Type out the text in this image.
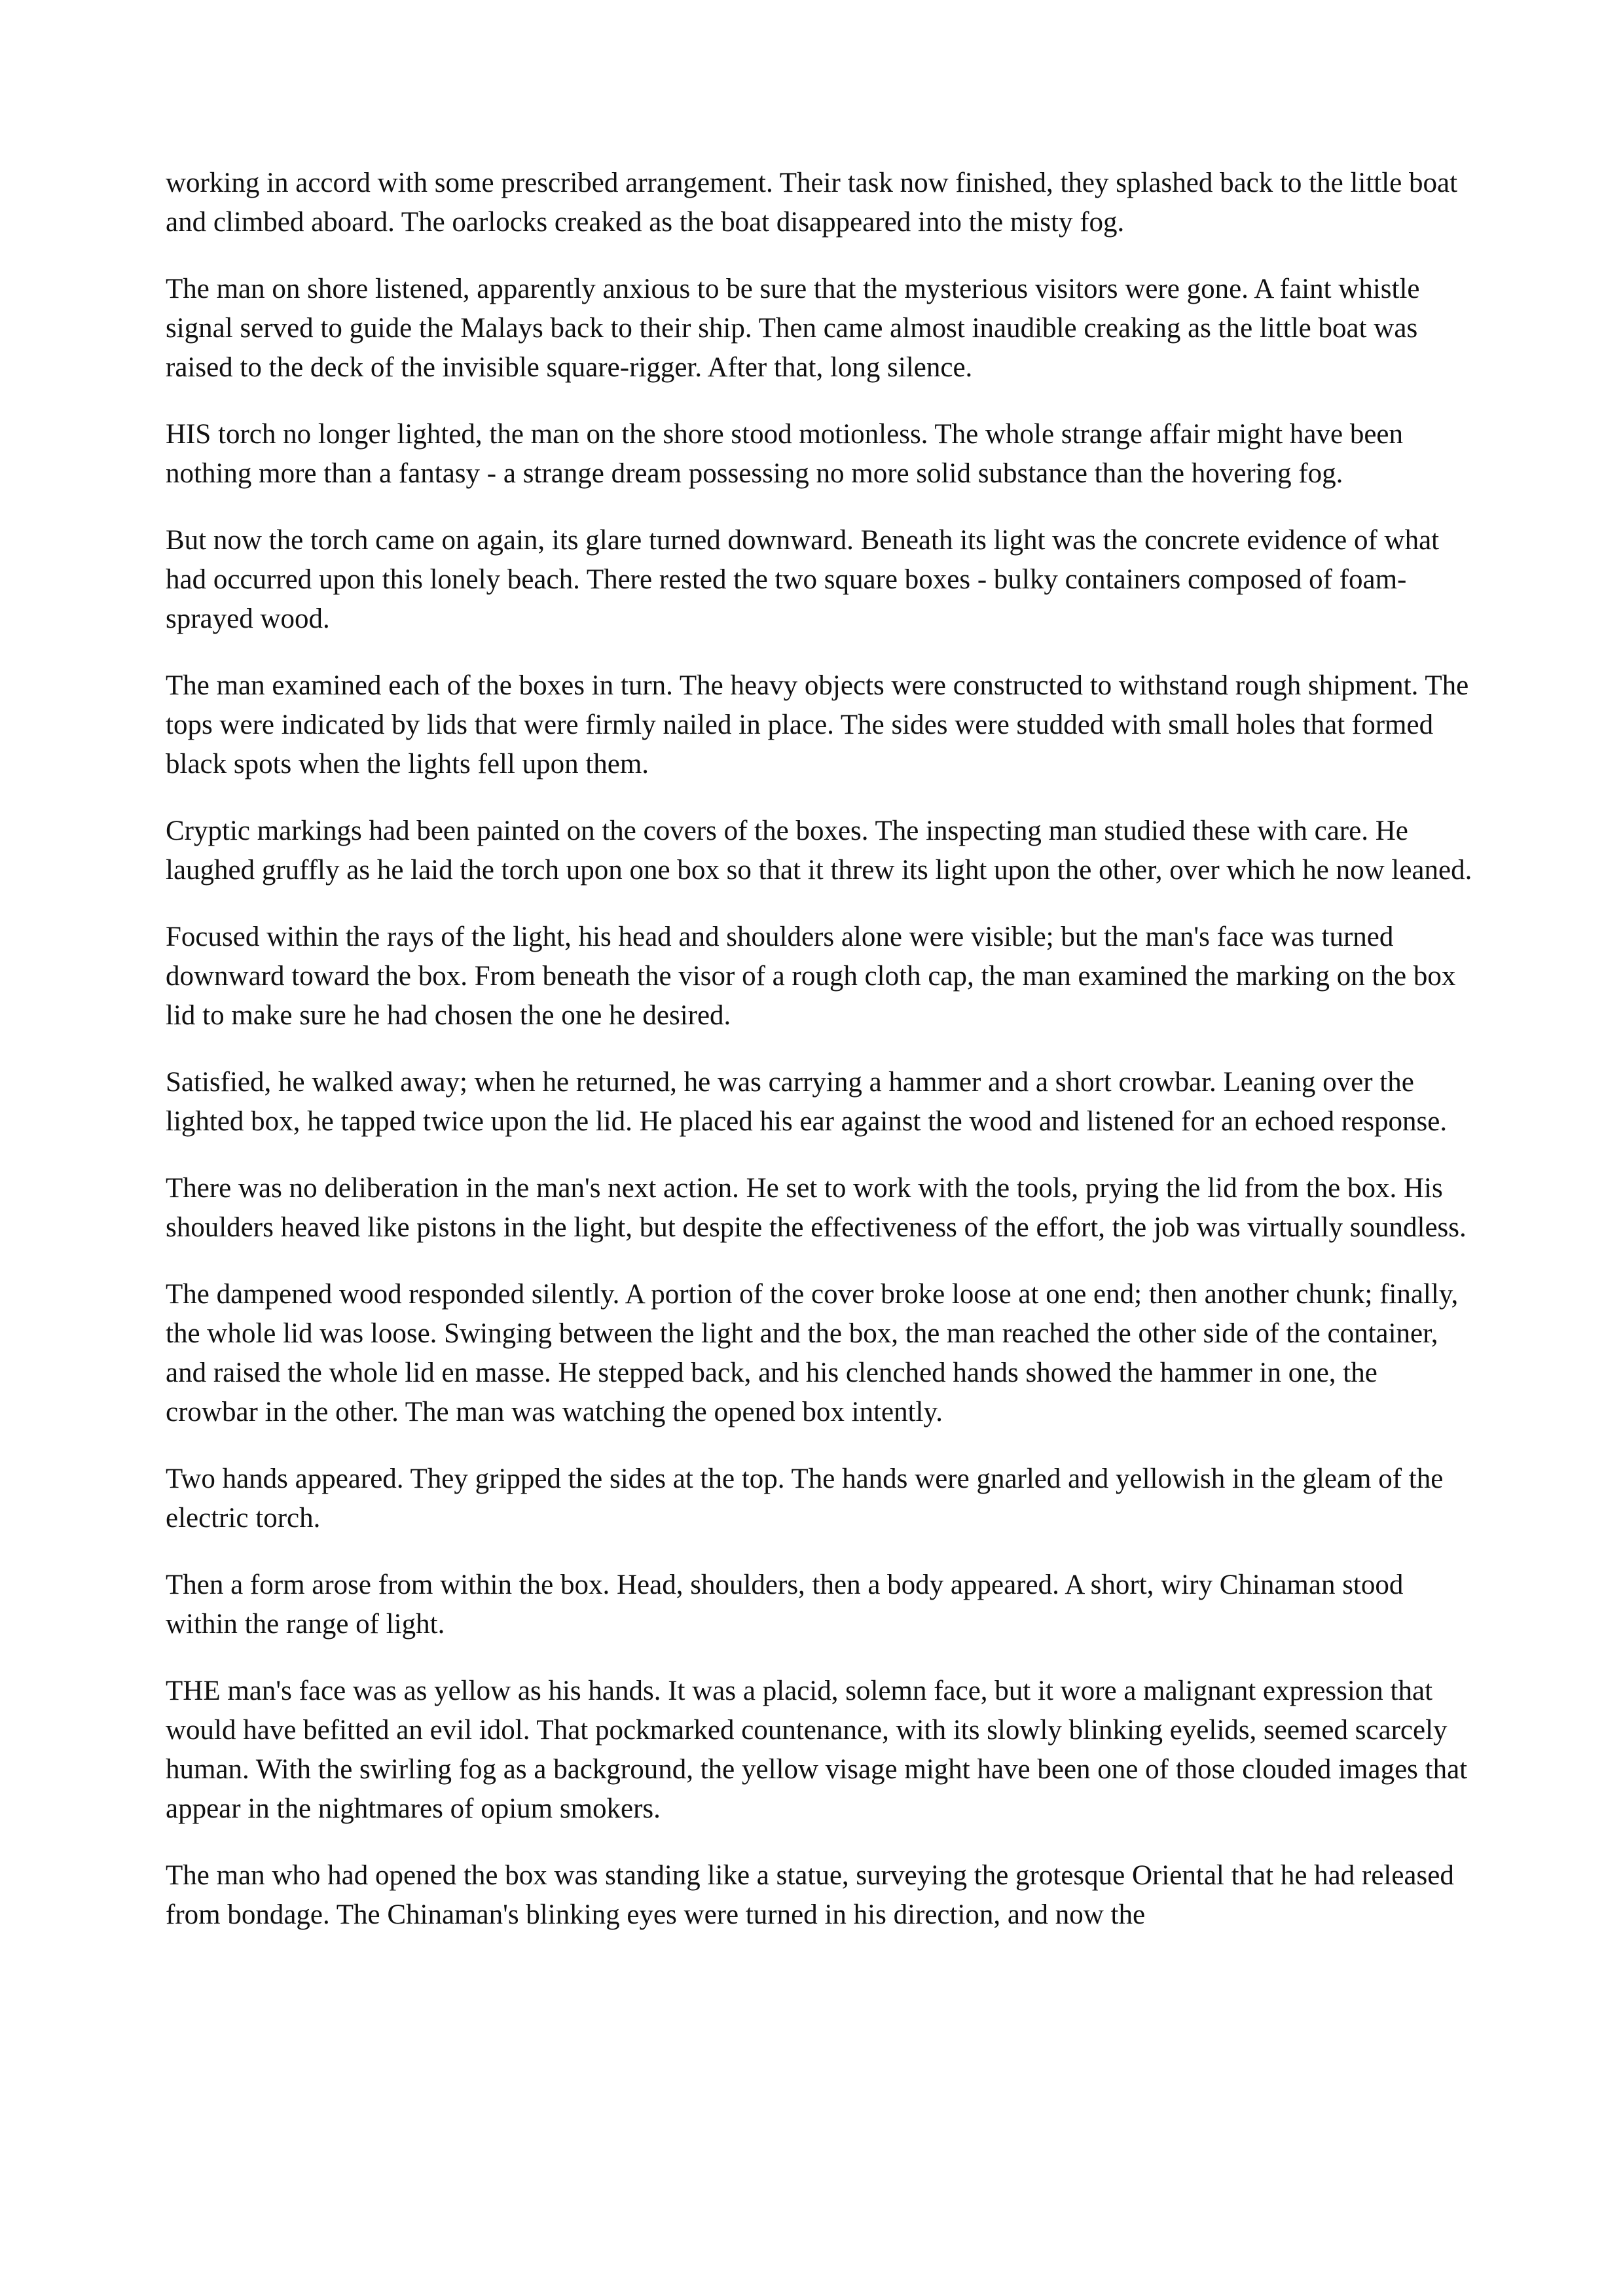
working in accord with some prescribed arrangement. Their task now finished, they splashed back to the little boat and climbed aboard. The oarlocks creaked as the boat disappeared into the misty fog.

The man on shore listened, apparently anxious to be sure that the mysterious visitors were gone. A faint whistle signal served to guide the Malays back to their ship. Then came almost inaudible creaking as the little boat was raised to the deck of the invisible square-rigger. After that, long silence.

HIS torch no longer lighted, the man on the shore stood motionless. The whole strange affair might have been nothing more than a fantasy - a strange dream possessing no more solid substance than the hovering fog.

But now the torch came on again, its glare turned downward. Beneath its light was the concrete evidence of what had occurred upon this lonely beach. There rested the two square boxes - bulky containers composed of foam-sprayed wood.

The man examined each of the boxes in turn. The heavy objects were constructed to withstand rough shipment. The tops were indicated by lids that were firmly nailed in place. The sides were studded with small holes that formed black spots when the lights fell upon them.

Cryptic markings had been painted on the covers of the boxes. The inspecting man studied these with care. He laughed gruffly as he laid the torch upon one box so that it threw its light upon the other, over which he now leaned.

Focused within the rays of the light, his head and shoulders alone were visible; but the man's face was turned downward toward the box. From beneath the visor of a rough cloth cap, the man examined the marking on the box lid to make sure he had chosen the one he desired.

Satisfied, he walked away; when he returned, he was carrying a hammer and a short crowbar. Leaning over the lighted box, he tapped twice upon the lid. He placed his ear against the wood and listened for an echoed response.

There was no deliberation in the man's next action. He set to work with the tools, prying the lid from the box. His shoulders heaved like pistons in the light, but despite the effectiveness of the effort, the job was virtually soundless.

The dampened wood responded silently. A portion of the cover broke loose at one end; then another chunk; finally, the whole lid was loose. Swinging between the light and the box, the man reached the other side of the container, and raised the whole lid en masse. He stepped back, and his clenched hands showed the hammer in one, the crowbar in the other. The man was watching the opened box intently.

Two hands appeared. They gripped the sides at the top. The hands were gnarled and yellowish in the gleam of the electric torch.

Then a form arose from within the box. Head, shoulders, then a body appeared. A short, wiry Chinaman stood within the range of light.

THE man's face was as yellow as his hands. It was a placid, solemn face, but it wore a malignant expression that would have befitted an evil idol. That pockmarked countenance, with its slowly blinking eyelids, seemed scarcely human. With the swirling fog as a background, the yellow visage might have been one of those clouded images that appear in the nightmares of opium smokers.

The man who had opened the box was standing like a statue, surveying the grotesque Oriental that he had released from bondage. The Chinaman's blinking eyes were turned in his direction, and now the
